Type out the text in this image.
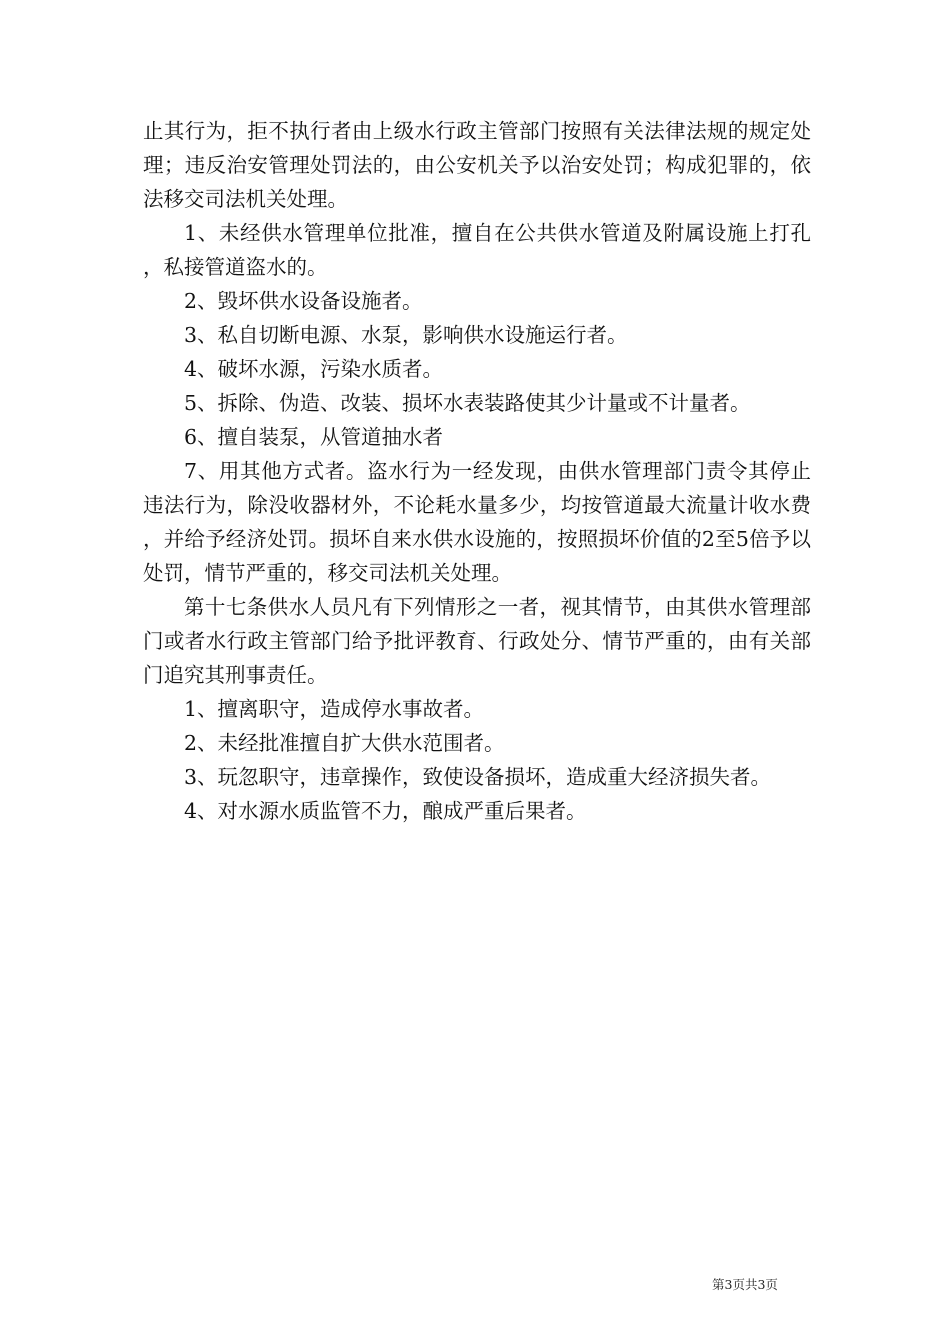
止其行为，拒不执行者由上级水行政主管部门按照有关法律法规的规定处理；违反治安管理处罚法的，由公安机关予以治安处罚；构成犯罪的，依法移交司法机关处理。

1、未经供水管理单位批准，擅自在公共供水管道及附属设施上打孔，私接管道盗水的。

2、毁坏供水设备设施者。

3、私自切断电源、水泵，影响供水设施运行者。

4、破坏水源，污染水质者。

5、拆除、伪造、改装、损坏水表装路使其少计量或不计量者。

6、擅自装泵，从管道抽水者

7、用其他方式者。盗水行为一经发现，由供水管理部门责令其停止违法行为，除没收器材外，不论耗水量多少，均按管道最大流量计收水费，并给予经济处罚。损坏自来水供水设施的，按照损坏价值的2至5倍予以处罚，情节严重的，移交司法机关处理。

第十七条供水人员凡有下列情形之一者，视其情节，由其供水管理部门或者水行政主管部门给予批评教育、行政处分、情节严重的，由有关部门追究其刑事责任。

1、擅离职守，造成停水事故者。

2、未经批准擅自扩大供水范围者。

3、玩忽职守，违章操作，致使设备损坏，造成重大经济损失者。

4、对水源水质监管不力，酿成严重后果者。

第3页共3页
